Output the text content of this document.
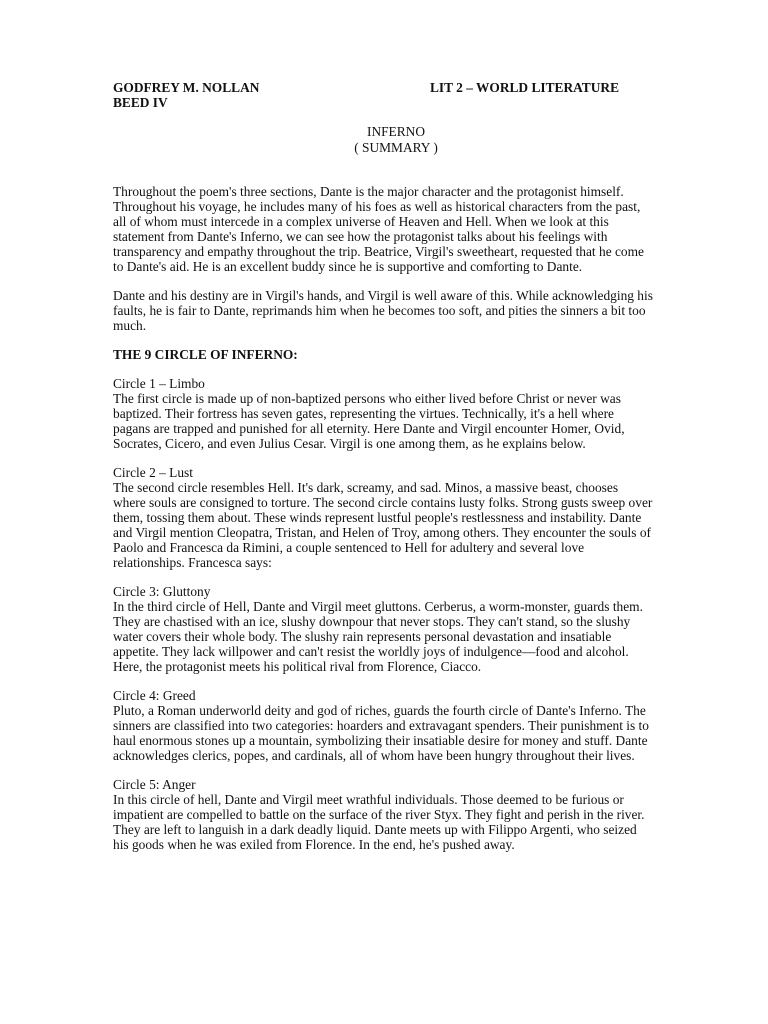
GODFREY M. NOLLAN
BEED IV
LIT 2 – WORLD LITERATURE
INFERNO
( SUMMARY )

Throughout the poem's three sections, Dante is the major character and the protagonist himself. Throughout his voyage, he includes many of his foes as well as historical characters from the past, all of whom must intercede in a complex universe of Heaven and Hell. When we look at this statement from Dante's Inferno, we can see how the protagonist talks about his feelings with transparency and empathy throughout the trip. Beatrice, Virgil's sweetheart, requested that he come to Dante's aid. He is an excellent buddy since he is supportive and comforting to Dante.

Dante and his destiny are in Virgil's hands, and Virgil is well aware of this. While acknowledging his faults, he is fair to Dante, reprimands him when he becomes too soft, and pities the sinners a bit too much.

THE 9 CIRCLE OF INFERNO:
Circle 1 – Limbo
The first circle is made up of non-baptized persons who either lived before Christ or never was baptized. Their fortress has seven gates, representing the virtues. Technically, it's a hell where pagans are trapped and punished for all eternity. Here Dante and Virgil encounter Homer, Ovid, Socrates, Cicero, and even Julius Cesar. Virgil is one among them, as he explains below.
Circle 2 – Lust
The second circle resembles Hell. It's dark, screamy, and sad. Minos, a massive beast, chooses where souls are consigned to torture. The second circle contains lusty folks. Strong gusts sweep over them, tossing them about. These winds represent lustful people's restlessness and instability. Dante and Virgil mention Cleopatra, Tristan, and Helen of Troy, among others. They encounter the souls of Paolo and Francesca da Rimini, a couple sentenced to Hell for adultery and several love relationships. Francesca says:
Circle 3: Gluttony
In the third circle of Hell, Dante and Virgil meet gluttons. Cerberus, a worm-monster, guards them. They are chastised with an ice, slushy downpour that never stops. They can't stand, so the slushy water covers their whole body. The slushy rain represents personal devastation and insatiable appetite. They lack willpower and can't resist the worldly joys of indulgence—food and alcohol. Here, the protagonist meets his political rival from Florence, Ciacco.
Circle 4: Greed
Pluto, a Roman underworld deity and god of riches, guards the fourth circle of Dante's Inferno. The sinners are classified into two categories: hoarders and extravagant spenders. Their punishment is to haul enormous stones up a mountain, symbolizing their insatiable desire for money and stuff. Dante acknowledges clerics, popes, and cardinals, all of whom have been hungry throughout their lives.
Circle 5: Anger
In this circle of hell, Dante and Virgil meet wrathful individuals. Those deemed to be furious or impatient are compelled to battle on the surface of the river Styx. They fight and perish in the river. They are left to languish in a dark deadly liquid. Dante meets up with Filippo Argenti, who seized his goods when he was exiled from Florence. In the end, he's pushed away.
